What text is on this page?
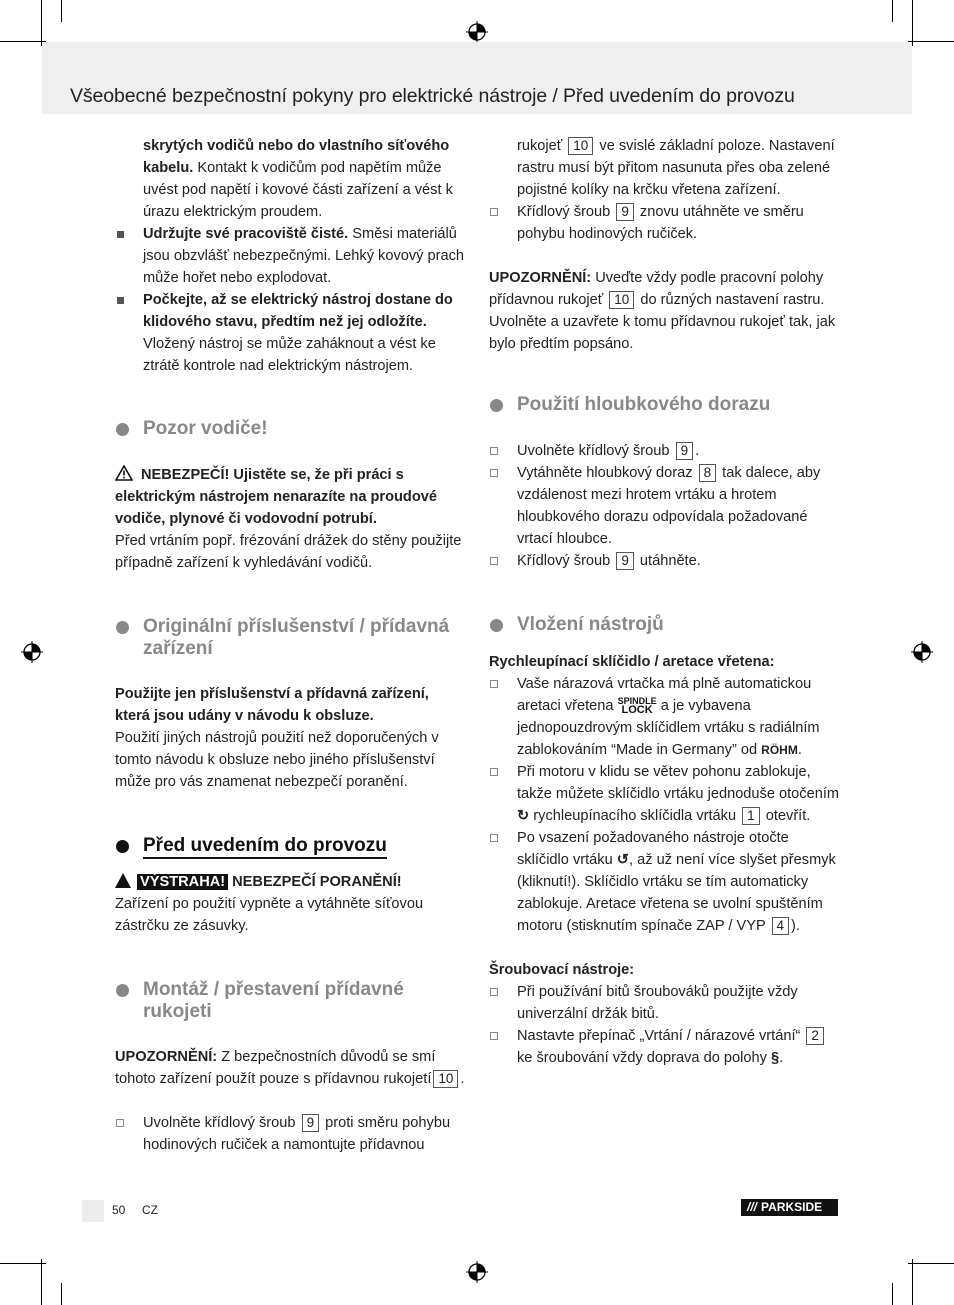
Všeobecné bezpečnostní pokyny pro elektrické nástroje / Před uvedením do provozu

skrytých vodičů nebo do vlastního síťového kabelu. Kontakt k vodičům pod napětím může uvést pod napětí i kovové části zařízení a vést k úrazu elektrickým proudem.

Udržujte své pracoviště čisté. Směsi materiálů jsou obzvlášť nebezpečnými. Lehký kovový prach může hořet nebo explodovat.

Počkejte, až se elektrický nástroj dostane do klidového stavu, předtím než jej odložíte. Vložený nástroj se může zaháknout a vést ke ztrátě kontrole nad elektrickým nástrojem.

Pozor vodiče!

NEBEZPEČÍ! Ujistěte se, že při práci s elektrickým nástrojem nenarazíte na proudové vodiče, plynové či vodovodní potrubí.

Před vrtáním popř. frézování drážek do stěny použijte případně zařízení k vyhledávání vodičů.

Originální příslušenství / přídavná zařízení

Použijte jen příslušenství a přídavná zařízení, která jsou udány v návodu k obsluze.

Použití jiných nástrojů použití než doporučených v tomto návodu k obsluze nebo jiného příslušenství může pro vás znamenat nebezpečí poranění.

Před uvedením do provozu

VÝSTRAHA! NEBEZPEČÍ PORANĚNÍ!

Zařízení po použití vypněte a vytáhněte síťovou zástrčku ze zásuvky.

Montáž / přestavení přídavné rukojeti

UPOZORNĚNÍ: Z bezpečnostních důvodů se smí tohoto zařízení použít pouze s přídavnou rukojetí 10 .

Uvolněte křídlový šroub 9 proti směru pohybu hodinových ručiček a namontujte přídavnou

rukojeť 10 ve svislé základní poloze. Nastavení rastru musí být přitom nasunuta přes oba zelené pojistné kolíky na krčku vřetena zařízení.

Křídlový šroub 9 znovu utáhněte ve směru pohybu hodinových ručiček.

UPOZORNĚNÍ: Uveďte vždy podle pracovní polohy přídavnou rukojeť 10 do různých nastavení rastru. Uvolněte a uzavřete k tomu přídavnou rukojeť tak, jak bylo předtím popsáno.

Použití hloubkového dorazu

Uvolněte křídlový šroub 9 .

Vytáhněte hloubkový doraz 8 tak dalece, aby vzdálenost mezi hrotem vrtáku a hrotem hloubkového dorazu odpovídala požadované vrtací hloubce.

Křídlový šroub 9 utáhněte.

Vložení nástrojů

Rychleupínací sklíčidlo / aretace vřetena:

Vaše nárazová vrtačka má plně automatickou aretaci vřetena SPINDLE
LOCK a je vybavena jednopouzdrovým sklíčidlem vrtáku s radiálním zablokováním “Made in Germany” od RÖHM.

Při motoru v klidu se větev pohonu zablokuje, takže můžete sklíčidlo vrtáku jednoduše otočením ↻ rychleupínacího sklíčidla vrtáku 1 otevřít.

Po vsazení požadovaného nástroje otočte sklíčidlo vrtáku ↺, až už není více slyšet přesmyk (kliknutí!). Sklíčidlo vrtáku se tím automaticky zablokuje. Aretace vřetena se uvolní spuštěním motoru (stisknutím spínače ZAP / VYP 4 ).

Šroubovací nástroje:

Při používání bitů šroubováků použijte vždy univerzální držák bitů.

Nastavte přepínač „Vrtání / nárazové vrtání“ 2 ke šroubování vždy doprava do polohy §.

50 CZ	/// PARKSIDE
